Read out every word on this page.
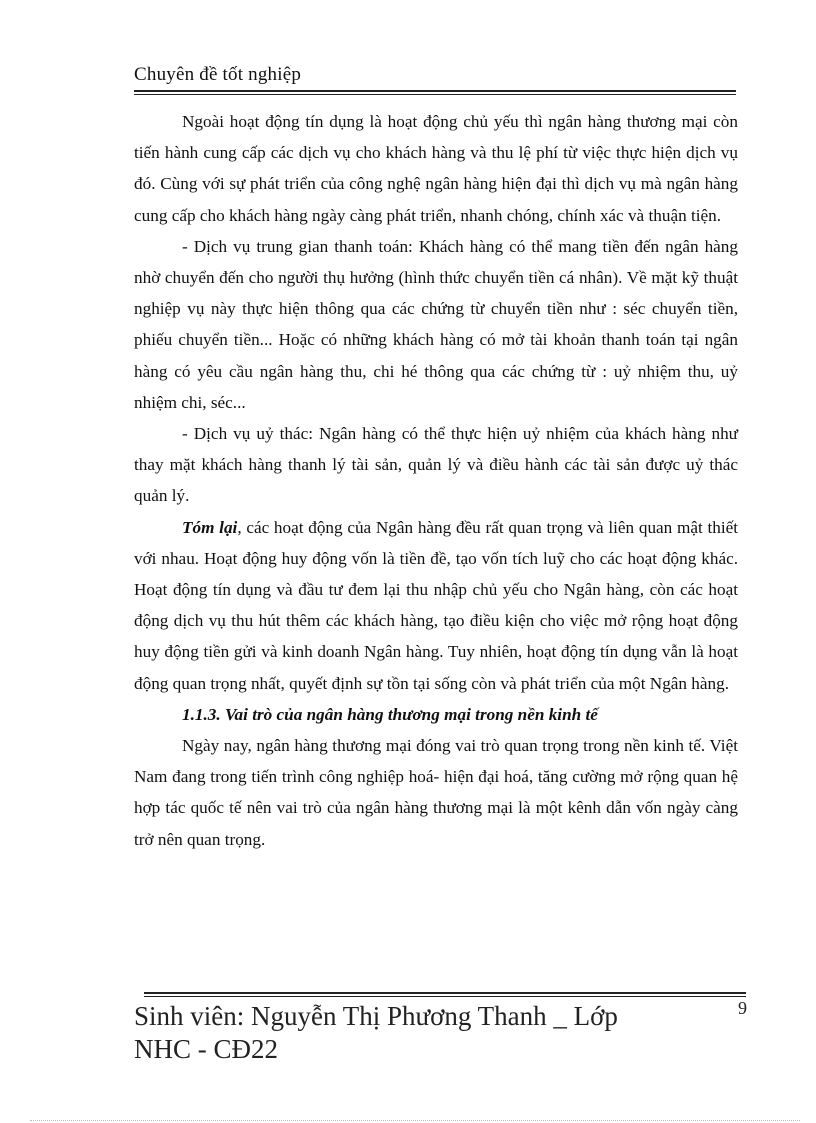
Chuyên đề tốt nghiệp

Ngoài hoạt động tín dụng là hoạt động chủ yếu thì ngân hàng thương mại còn tiến hành cung cấp các dịch vụ cho khách hàng và thu lệ phí từ việc thực hiện dịch vụ đó. Cùng với sự phát triển của công nghệ ngân hàng hiện đại thì dịch vụ mà ngân hàng cung cấp cho khách hàng ngày càng phát triển, nhanh chóng, chính xác và thuận tiện.

- Dịch vụ trung gian thanh toán: Khách hàng có thể mang tiền đến ngân hàng nhờ chuyển đến cho người thụ hưởng (hình thức chuyển tiền cá nhân). Về mặt kỹ thuật nghiệp vụ này thực hiện thông qua các chứng từ chuyển tiền như : séc chuyển tiền, phiếu chuyển tiền... Hoặc có những khách hàng có mở tài khoản thanh toán tại ngân hàng có yêu cầu ngân hàng thu, chi hé thông qua các chứng từ : uỷ nhiệm thu, uỷ nhiệm chi, séc...

- Dịch vụ uỷ thác: Ngân hàng có thể thực hiện uỷ nhiệm của khách hàng như thay mặt khách hàng thanh lý tài sản, quản lý và điều hành các tài sản được uỷ thác quản lý.

Tóm lại, các hoạt động của Ngân hàng đều rất quan trọng và liên quan mật thiết với nhau. Hoạt động huy động vốn là tiền đề, tạo vốn tích luỹ cho các hoạt động khác. Hoạt động tín dụng và đầu tư đem lại thu nhập chủ yếu cho Ngân hàng, còn các hoạt động dịch vụ thu hút thêm các khách hàng, tạo điều kiện cho việc mở rộng hoạt động huy động tiền gửi và kinh doanh Ngân hàng. Tuy nhiên, hoạt động tín dụng vẫn là hoạt động quan trọng nhất, quyết định sự tồn tại sống còn và phát triển của một Ngân hàng.

1.1.3. Vai trò của ngân hàng thương mại trong nền kinh tế

Ngày nay, ngân hàng thương mại đóng vai trò quan trọng trong nền kinh tế. Việt Nam đang trong tiến trình công nghiệp hoá- hiện đại hoá, tăng cường mở rộng quan hệ hợp tác quốc tế nên vai trò của ngân hàng thương mại là một kênh dẫn vốn ngày càng trở nên quan trọng.

Sinh viên: Nguyễn Thị Phương Thanh _ Lớp
NHC - CĐ22
9
